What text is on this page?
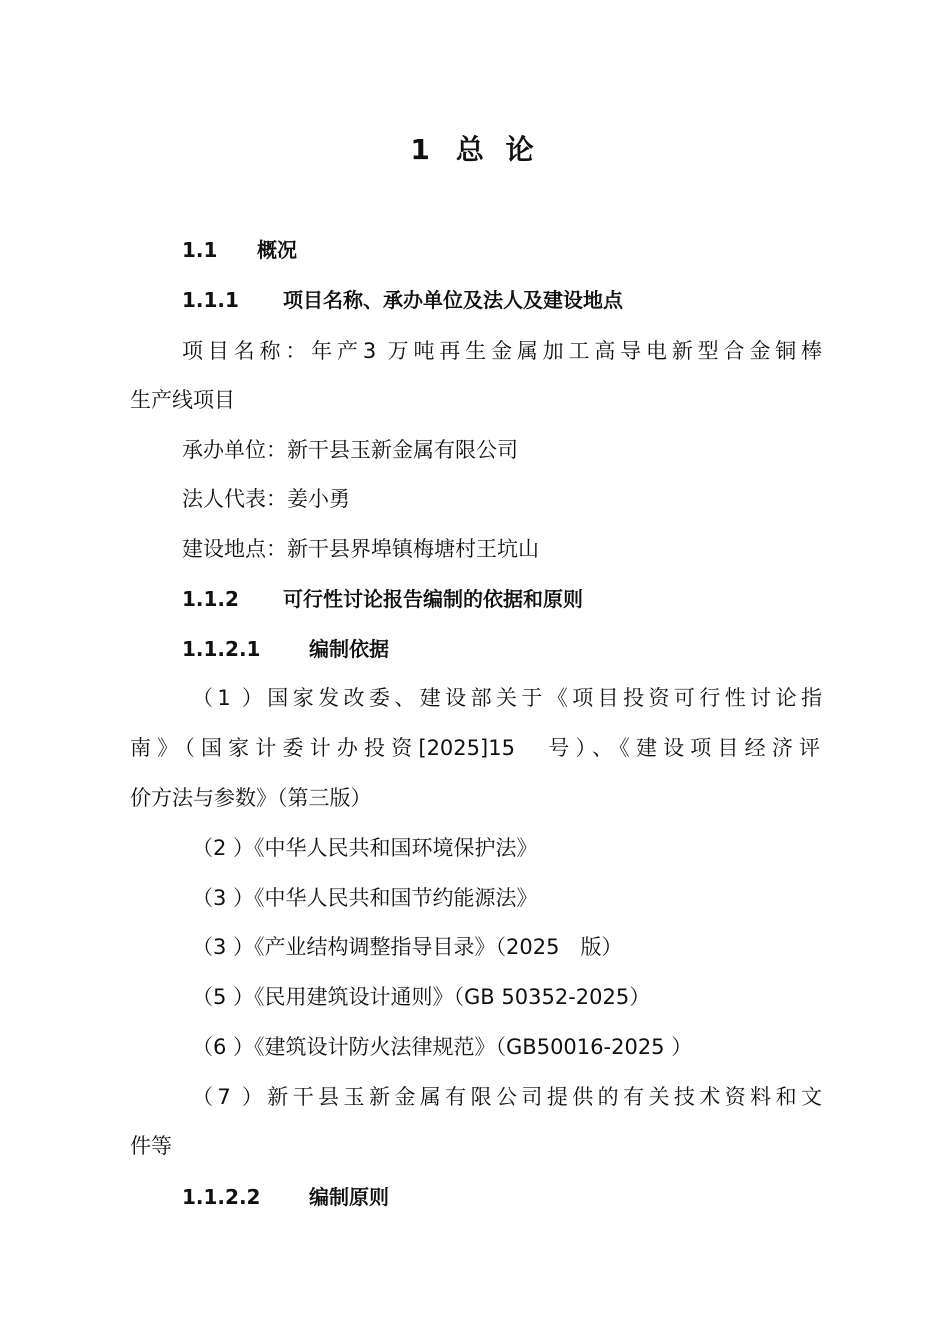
1 总 论
1.1 概况
1.1.1 项目名称、承办单位及法人及建设地点
项目名称：年产3 万吨再生金属加工高导电新型合金铜棒
生产线项目
承办单位：新干县玉新金属有限公司
法人代表：姜小勇
建设地点：新干县界埠镇梅塘村王坑山
1.1.2 可行性讨论报告编制的依据和原则
1.1.2.1 编制依据
（1 ）国家发改委、建设部关于《项目投资可行性讨论指
南》（国家计委计办投资[2025]15　号）、《建设项目经济评
价方法与参数》（第三版）
（2 ）《中华人民共和国环境保护法》
（3 ）《中华人民共和国节约能源法》
（3 ）《产业结构调整指导目录》（2025　版）
（5 ）《民用建筑设计通则》（GB 50352-2025）
（6 ）《建筑设计防火法律规范》（GB50016-2025 ）
（7 ）新干县玉新金属有限公司提供的有关技术资料和文
件等
1.1.2.2 编制原则
